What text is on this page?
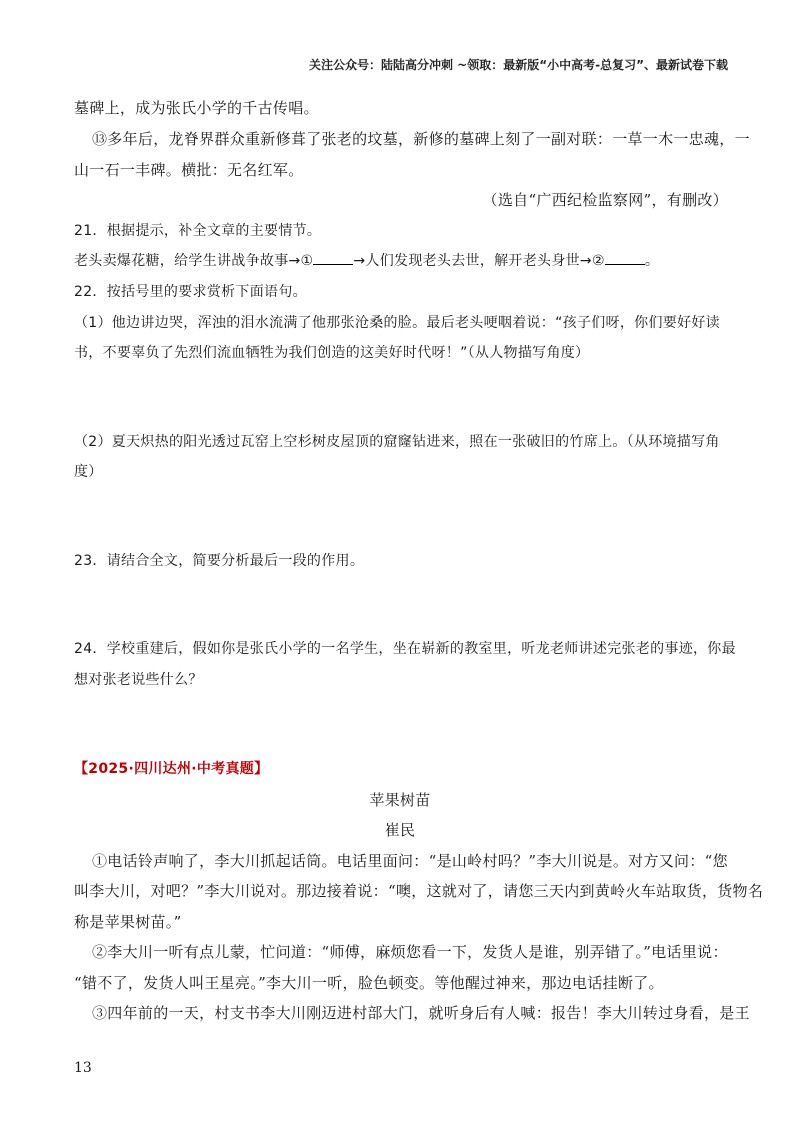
关注公众号：陆陆高分冲刺 ~领取：最新版“小中高考-总复习”、最新试卷下载
墓碑上，成为张氏小学的千古传唱。
⑬多年后，龙脊界群众重新修葺了张老的坟墓，新修的墓碑上刻了一副对联：一草一木一忠魂，一
山一石一丰碑。横批：无名红军。
（选自“广西纪检监察网”，有删改）
21．根据提示，补全文章的主要情节。
老头卖爆花糖，给学生讲战争故事→①	→人们发现老头去世，解开老头身世→②	。
22．按括号里的要求赏析下面语句。
（1）他边讲边哭，浑浊的泪水流满了他那张沧桑的脸。最后老头哽咽着说：“孩子们呀，你们要好好读
书，不要辜负了先烈们流血牺牲为我们创造的这美好时代呀！”（从人物描写角度）
（2）夏天炽热的阳光透过瓦窑上空杉树皮屋顶的窟窿钻进来，照在一张破旧的竹席上。（从环境描写角
度）
23．请结合全文，简要分析最后一段的作用。
24．学校重建后，假如你是张氏小学的一名学生，坐在崭新的教室里，听龙老师讲述完张老的事迹，你最
想对张老说些什么？
【2025·四川达州·中考真题】
苹果树苗
崔民
①电话铃声响了，李大川抓起话筒。电话里面问：“是山岭村吗？”李大川说是。对方又问：“您
叫李大川，对吧？”李大川说对。那边接着说：“噢，这就对了，请您三天内到黄岭火车站取货，货物名
称是苹果树苗。”
②李大川一听有点儿蒙，忙问道：“师傅，麻烦您看一下，发货人是谁，别弄错了。”电话里说：
“错不了，发货人叫王星亮。”李大川一听，脸色顿变。等他醒过神来，那边电话挂断了。
③四年前的一天，村支书李大川刚迈进村部大门，就听身后有人喊：报告！李大川转过身看，是王
13
